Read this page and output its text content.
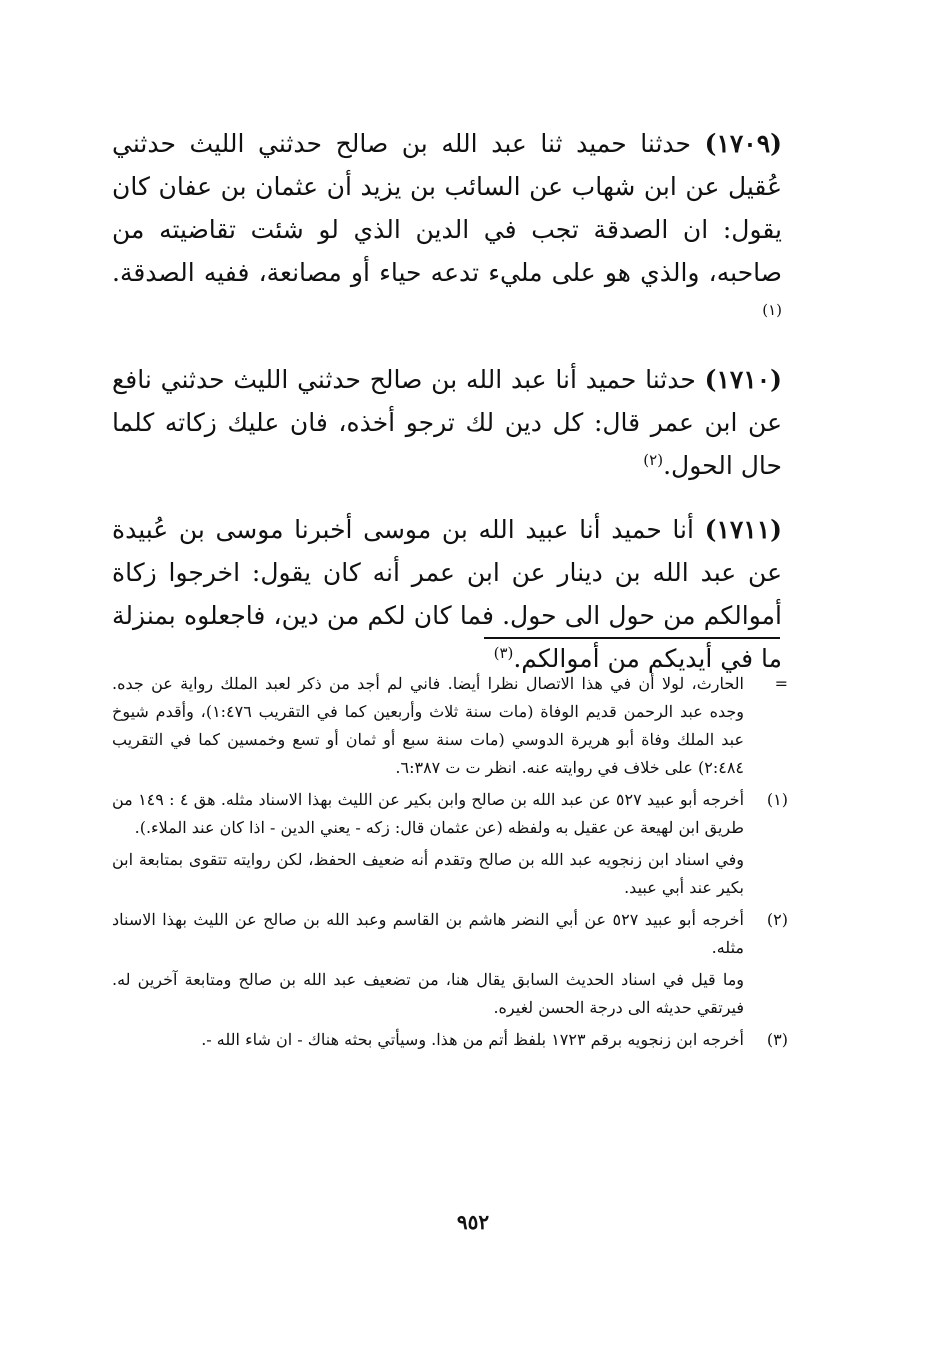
(١٧٠٩) حدثنا حميد ثنا عبد الله بن صالح حدثني الليث حدثني عُقيل عن ابن شهاب عن السائب بن يزيد أن عثمان بن عفان كان يقول: ان الصدقة تجب في الدين الذي لو شئت تقاضيته من صاحبه، والذي هو على مليء تدعه حياء أو مصانعة، ففيه الصدقة.$^{(١)}$

(١٧١٠) حدثنا حميد أنا عبد الله بن صالح حدثني الليث حدثني نافع عن ابن عمر قال: كل دين لك ترجو أخذه، فان عليك زكاته كلما حال الحول.$^{(٢)}$

(١٧١١) أنا حميد أنا عبيد الله بن موسى أخبرنا موسى بن عُبيدة عن عبد الله بن دينار عن ابن عمر أنه كان يقول: اخرجوا زكاة أموالكم من حول الى حول. فما كان لكم من دين، فاجعلوه بمنزلة ما في أيديكم من أموالكم.$^{(٣)}$

=

الحارث، لولا أن في هذا الاتصال نظرا أيضا. فاني لم أجد من ذكر لعبد الملك رواية عن جده. وجده عبد الرحمن قديم الوفاة (مات سنة ثلاث وأربعين كما في التقريب ١:٤٧٦)، وأقدم شيوخ عبد الملك وفاة أبو هريرة الدوسي (مات سنة سبع أو ثمان أو تسع وخمسين كما في التقريب ٢:٤٨٤) على خلاف في روايته عنه. انظر ت ت ٦:٣٨٧.

(١)

أخرجه أبو عبيد ٥٢٧ عن عبد الله بن صالح وابن بكير عن الليث بهذا الاسناد مثله. هق ٤ : ١٤٩ من طريق ابن لهيعة عن عقيل به ولفظه (عن عثمان قال: زكه - يعني الدين - اذا كان عند الملاء.).

وفي اسناد ابن زنجويه عبد الله بن صالح وتقدم أنه ضعيف الحفظ، لكن روايته تتقوى بمتابعة ابن بكير عند أبي عبيد.

(٢)

أخرجه أبو عبيد ٥٢٧ عن أبي النضر هاشم بن القاسم وعبد الله بن صالح عن الليث بهذا الاسناد مثله.

وما قيل في اسناد الحديث السابق يقال هنا، من تضعيف عبد الله بن صالح ومتابعة آخرين له. فيرتقي حديثه الى درجة الحسن لغيره.

(٣)

أخرجه ابن زنجويه برقم ١٧٢٣ بلفظ أتم من هذا. وسيأتي بحثه هناك - ان شاء الله -.

٩٥٢
